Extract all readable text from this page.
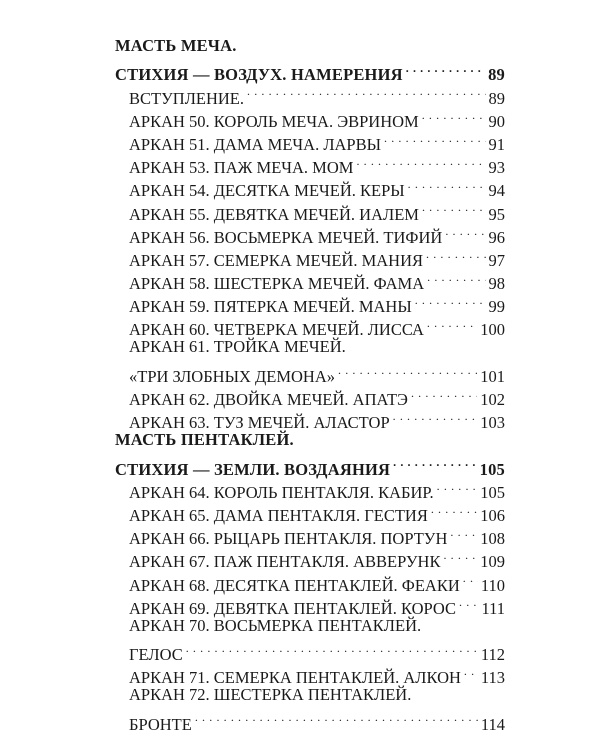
МАСТЬ МЕЧА.
СТИХИЯ — ВОЗДУХ. НАМЕРЕНИЯ . . .	89
ВСТУПЛЕНИЕ. . . .	89
АРКАН 50. КОРОЛЬ МЕЧА. ЭВРИНОМ . . .	90
АРКАН 51. ДАМА МЕЧА. ЛАРВЫ . . .	91
АРКАН 53. ПАЖ МЕЧА. МОМ . . .	93
АРКАН 54. ДЕСЯТКА МЕЧЕЙ. КЕРЫ . . .	94
АРКАН 55. ДЕВЯТКА МЕЧЕЙ. ИАЛЕМ . . .	95
АРКАН 56. ВОСЬМЕРКА МЕЧЕЙ. ТИФИЙ . . .	96
АРКАН 57. СЕМЕРКА МЕЧЕЙ. МАНИЯ . . .	97
АРКАН 58. ШЕСТЕРКА МЕЧЕЙ. ФАМА . . .	98
АРКАН 59. ПЯТЕРКА МЕЧЕЙ. МАНЫ . . .	99
АРКАН 60. ЧЕТВЕРКА МЕЧЕЙ. ЛИССА . . .	100
АРКАН 61. ТРОЙКА МЕЧЕЙ.
«ТРИ ЗЛОБНЫХ ДЕМОНА» . . .	101
АРКАН 62. ДВОЙКА МЕЧЕЙ. АПАТЭ . . .	102
АРКАН 63. ТУЗ МЕЧЕЙ. АЛАСТОР . . .	103
МАСТЬ ПЕНТАКЛЕЙ.
СТИХИЯ — ЗЕМЛИ. ВОЗДАЯНИЯ . . .	105
АРКАН 64. КОРОЛЬ ПЕНТАКЛЯ. КАБИР. . . .	105
АРКАН 65. ДАМА ПЕНТАКЛЯ. ГЕСТИЯ . . .	106
АРКАН 66. РЫЦАРЬ ПЕНТАКЛЯ. ПОРТУН . . . 108
АРКАН 67. ПАЖ ПЕНТАКЛЯ. АВВЕРУНК . . . 109
АРКАН 68. ДЕСЯТКА ПЕНТАКЛЕЙ. ФЕАКИ . . . 110
АРКАН 69. ДЕВЯТКА ПЕНТАКЛЕЙ. КОРОС . . . 111
АРКАН 70. ВОСЬМЕРКА ПЕНТАКЛЕЙ.
ГЕЛОС . . .	112
АРКАН 71. СЕМЕРКА ПЕНТАКЛЕЙ. АЛКОН . . . 113
АРКАН 72. ШЕСТЕРКА ПЕНТАКЛЕЙ.
БРОНТЕ . . .	114
